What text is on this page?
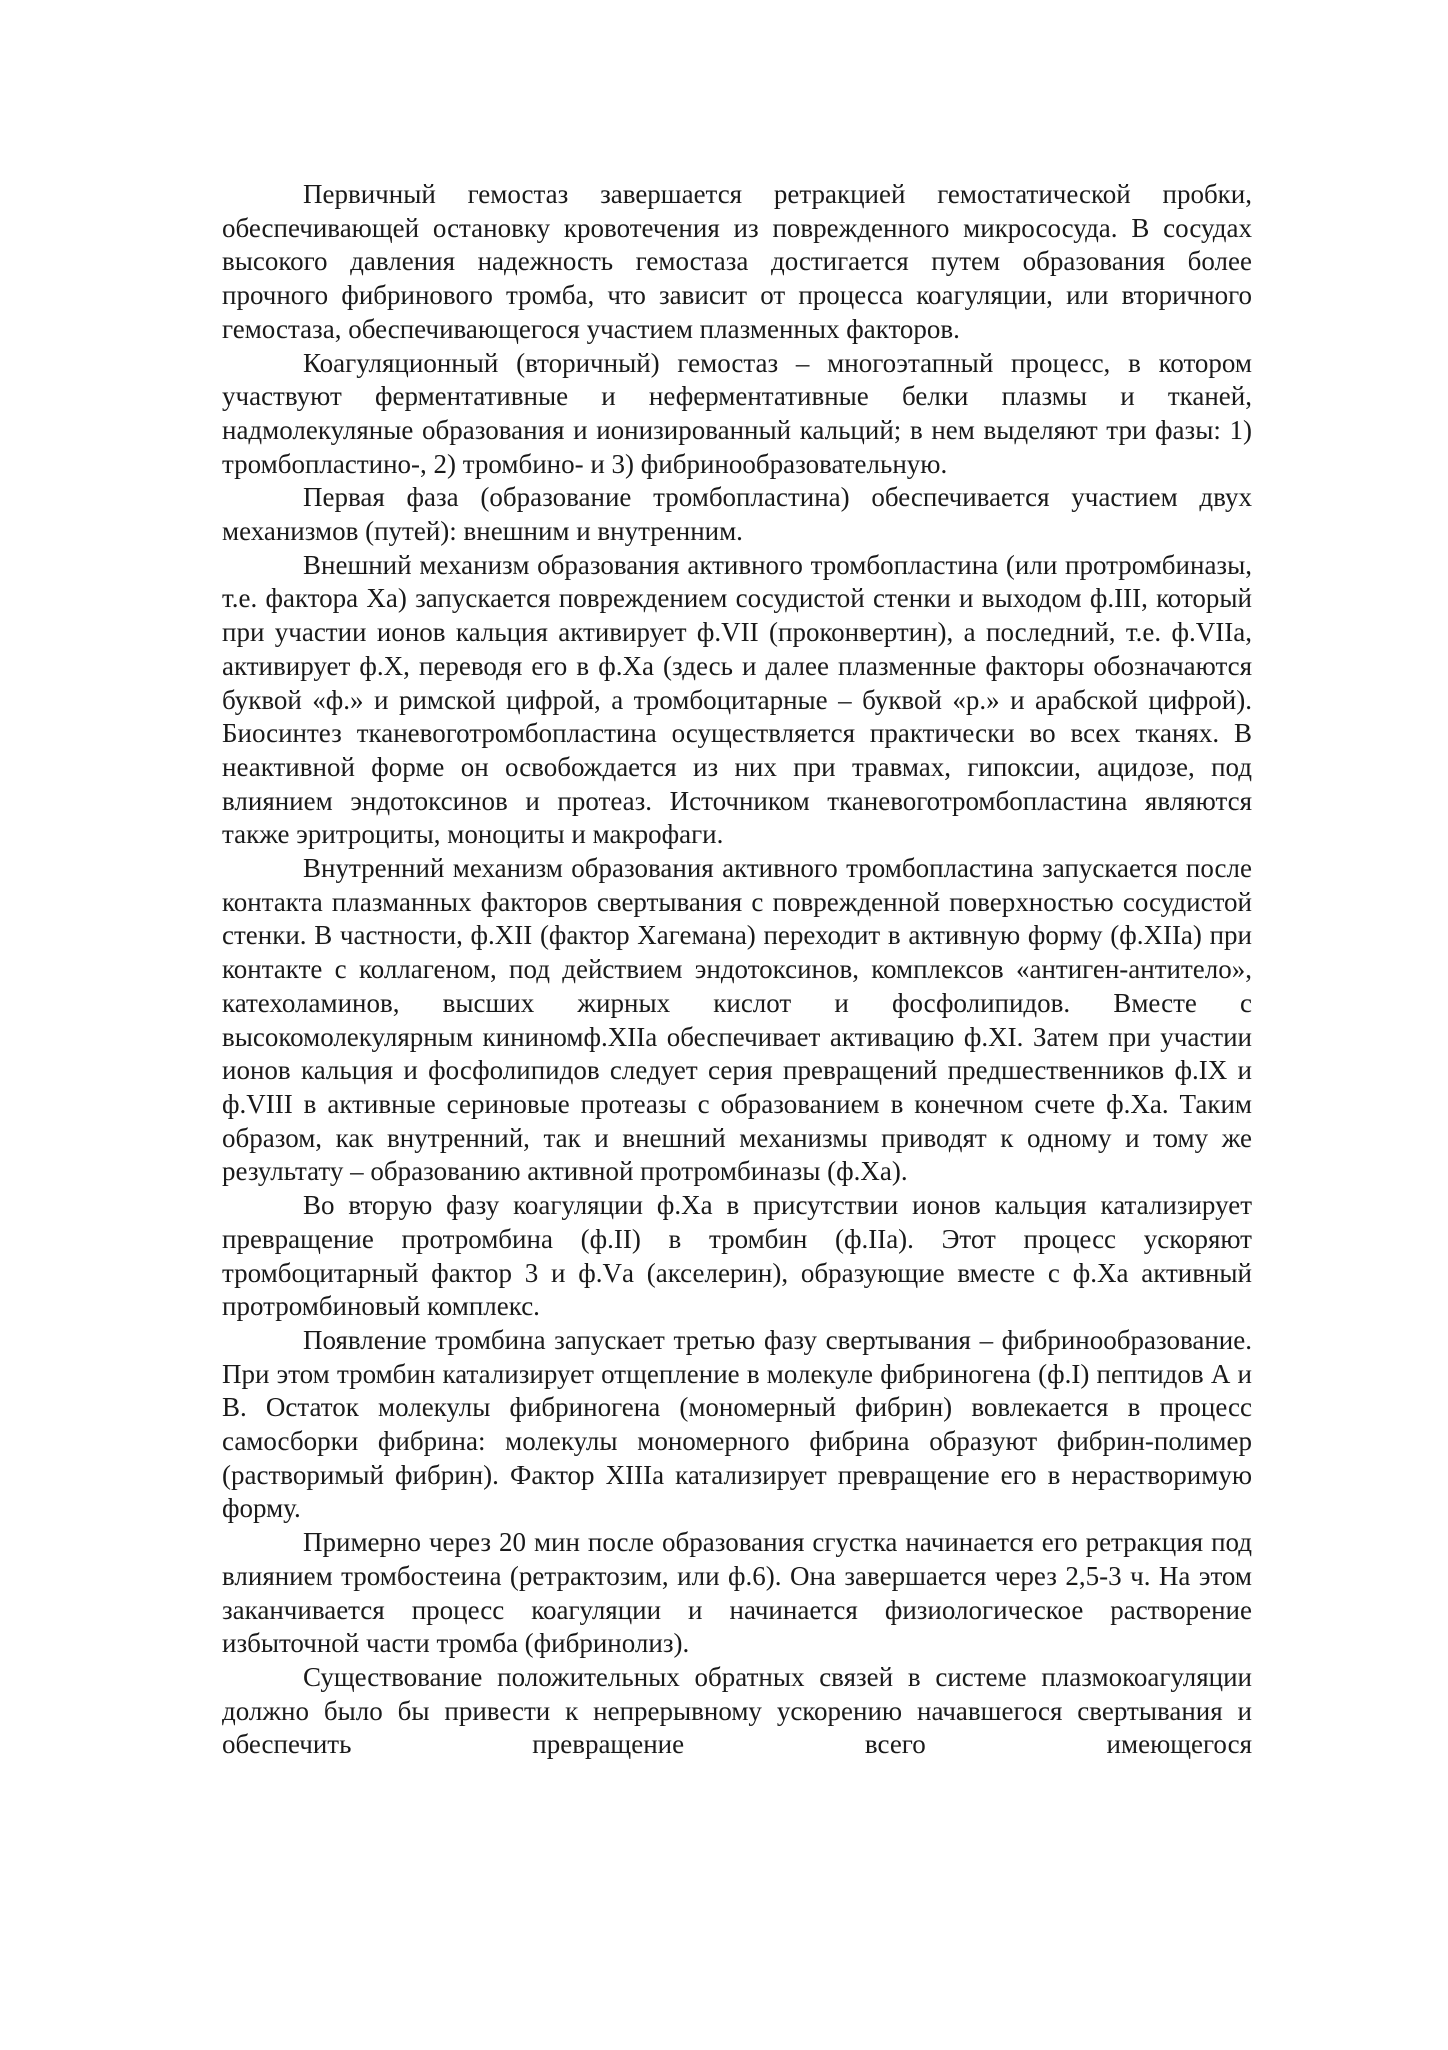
Первичный гемостаз завершается ретракцией гемостатической пробки, обеспечивающей остановку кровотечения из поврежденного микрососуда. В сосудах высокого давления надежность гемостаза достигается путем образования более прочного фибринового тромба, что зависит от процесса коагуляции, или вторичного гемостаза, обеспечивающегося участием плазменных факторов.

Коагуляционный (вторичный) гемостаз – многоэтапный процесс, в котором участвуют ферментативные и неферментативные белки плазмы и тканей, надмолекуляные образования и ионизированный кальций; в нем выделяют три фазы: 1) тромбопластино-, 2) тромбино- и 3) фибринообразовательную.

Первая фаза (образование тромбопластина) обеспечивается участием двух механизмов (путей): внешним и внутренним.

Внешний механизм образования активного тромбопластина (или протромбиназы, т.е. фактора Ха) запускается повреждением сосудистой стенки и выходом ф.III, который при участии ионов кальция активирует ф.VII (проконвертин), а последний, т.е. ф.VIIа, активирует ф.Х, переводя его в ф.Ха (здесь и далее плазменные факторы обозначаются буквой «ф.» и римской цифрой, а тромбоцитарные – буквой «р.» и арабской цифрой). Биосинтез тканевоготромбопластина осуществляется практически во всех тканях. В неактивной форме он освобождается из них при травмах, гипоксии, ацидозе, под влиянием эндотоксинов и протеаз. Источником тканевоготромбопластина являются также эритроциты, моноциты и макрофаги.

Внутренний механизм образования активного тромбопластина запускается после контакта плазманных факторов свертывания с поврежденной поверхностью сосудистой стенки. В частности, ф.XII (фактор Хагемана) переходит в активную форму (ф.XIIа) при контакте с коллагеном, под действием эндотоксинов, комплексов «антиген-антитело», катехоламинов, высших жирных кислот и фосфолипидов. Вместе с высокомолекулярным кининомф.XIIа обеспечивает активацию ф.XI. Затем при участии ионов кальция и фосфолипидов следует серия превращений предшественников ф.IX и ф.VIII в активные сериновые протеазы с образованием в конечном счете ф.Ха. Таким образом, как внутренний, так и внешний механизмы приводят к одному и тому же результату – образованию активной протромбиназы (ф.Ха).

Во вторую фазу коагуляции ф.Ха в присутствии ионов кальция катализирует превращение протромбина (ф.II) в тромбин (ф.IIа). Этот процесс ускоряют тромбоцитарный фактор 3 и ф.Vа (акселерин), образующие вместе с ф.Ха активный протромбиновый комплекс.

Появление тромбина запускает третью фазу свертывания – фибринообразование. При этом тромбин катализирует отщепление в молекуле фибриногена (ф.I) пептидов А и В. Остаток молекулы фибриногена (мономерный фибрин) вовлекается в процесс самосборки фибрина: молекулы мономерного фибрина образуют фибрин-полимер (растворимый фибрин). Фактор XIIIа катализирует превращение его в нерастворимую форму.

Примерно через 20 мин после образования сгустка начинается его ретракция под влиянием тромбостеина (ретрактозим, или ф.6). Она завершается через 2,5-3 ч. На этом заканчивается процесс коагуляции и начинается физиологическое растворение избыточной части тромба (фибринолиз).

Существование положительных обратных связей в системе плазмокоагуляции должно было бы привести к непрерывному ускорению начавшегося свертывания и обеспечить превращение всего имеющегося
